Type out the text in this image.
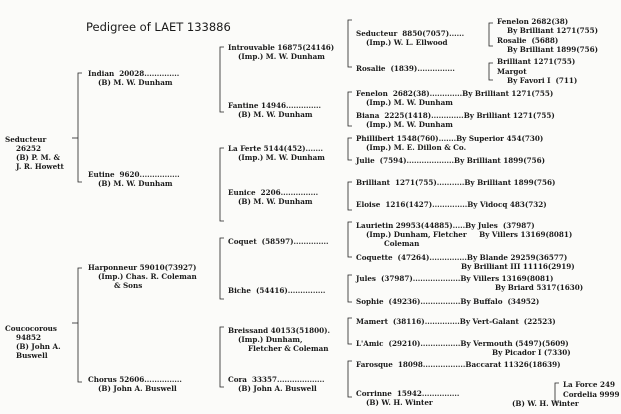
Pedigree of LAET 133886
Seducteur
26252
(B) P. M. &
J. R. Howett
Coucocorous
94852
(B) John A.
Buswell
Indian  20028..............
(B) M. W. Dunham
Eutine  9620................
(B) M. W. Dunham
Harponneur 59010(73927)
(Imp.) Chas. R. Coleman
& Sons
Chorus 52606...............
(B) John A. Buswell
Introuvable 16875(24146)
(Imp.) M. W. Dunham
Fantine 14946..............
(B) M. W. Dunham
La Ferte 5144(452).......
(Imp.) M. W. Dunham
Eunice  2206...............
(B) M. W. Dunham
Coquet  (58597)..............
Biche  (54416)...............
Breissand 40153(51800).
(Imp.) Dunham,
Fletcher & Coleman
Cora  33357...................
(B) John A. Buswell
Seducteur  8850(7057)......
(Imp.) W. L. Ellwood
Rosalie  (1839)...............
Fenelon  2682(38).............By Brilliant 1271(755)
(Imp.) M. W. Dunham
Biana  2225(1418).............By Brilliant 1271(755)
(Imp.) M. W. Dunham
Phillibert 1548(760).......By Superior 454(730)
(Imp.) M. E. Dillon & Co.
Julie  (7594)...................By Brilliant 1899(756)
Brilliant  1271(755)...........By Brilliant 1899(756)
Eloise  1216(1427)..............By Vidocq 483(732)
Laurietin 29953(44885).....By Jules  (37987)
(Imp.) Dunham, Fletcher     By Villers 13169(8081)
Coleman
Coquette  (47264)...............By Blande 29259(36577)
By Brilliant III 11116(2919)
Jules  (37987)...................By Villers 13169(8081)
By Briard 5317(1630)
Sophie  (49236)................By Buffalo  (34952)
Mamert  (38116)..............By Vert-Galant  (22523)
L'Amic  (29210)................By Vermouth (5497)(5609)
By Picador I (7330)
Farosque  18098.................Baccarat 11326(18639)
Corrinne  15942...............
(B) W. H. Winter
Fenelon 2682(38)
By Brilliant 1271(755)
Rosalie  (5688)
By Brilliant 1899(756)
Brilliant 1271(755)
Margot
By Favori I  (711)
La Force 249
Cordelia 9999
(B) W. H. Winter
